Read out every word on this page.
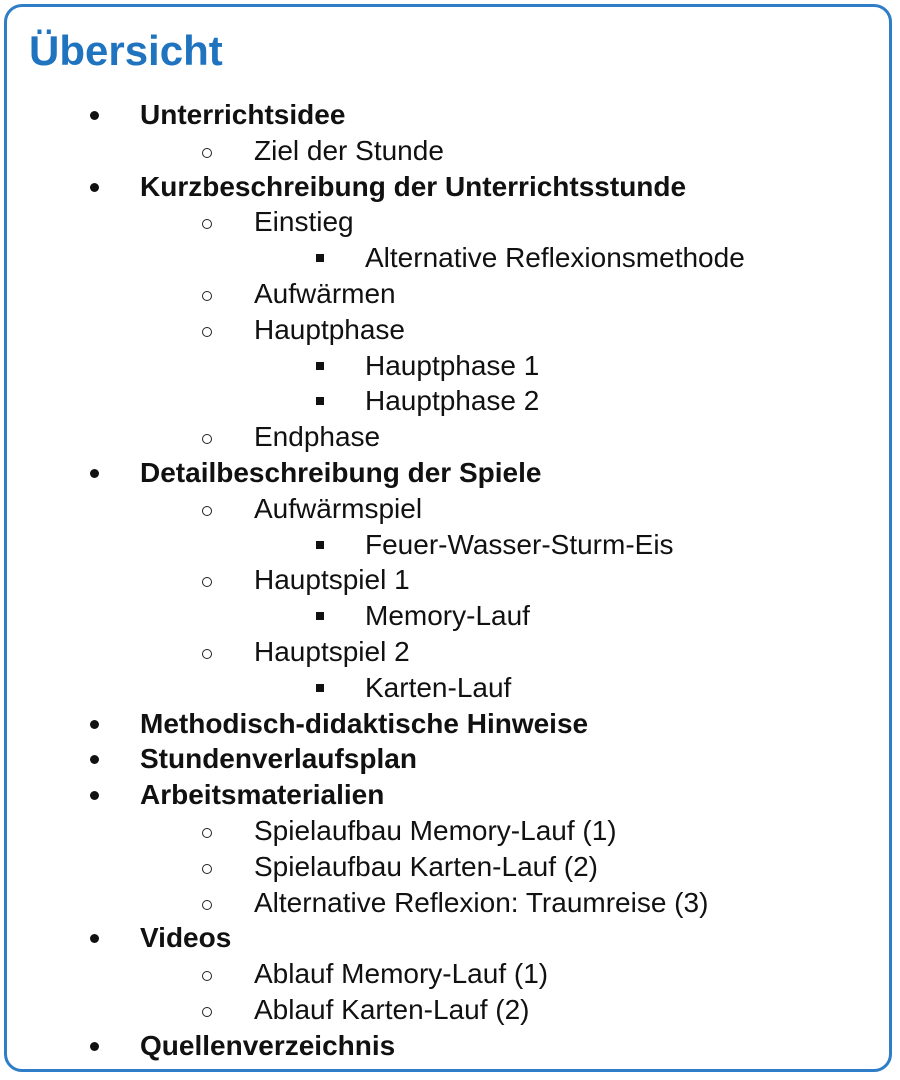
Übersicht
Unterrichtsidee
Ziel der Stunde
Kurzbeschreibung der Unterrichtsstunde
Einstieg
Alternative Reflexionsmethode
Aufwärmen
Hauptphase
Hauptphase 1
Hauptphase 2
Endphase
Detailbeschreibung der Spiele
Aufwärmspiel
Feuer-Wasser-Sturm-Eis
Hauptspiel 1
Memory-Lauf
Hauptspiel 2
Karten-Lauf
Methodisch-didaktische Hinweise
Stundenverlaufsplan
Arbeitsmaterialien
Spielaufbau Memory-Lauf (1)
Spielaufbau Karten-Lauf (2)
Alternative Reflexion: Traumreise (3)
Videos
Ablauf Memory-Lauf (1)
Ablauf Karten-Lauf (2)
Quellenverzeichnis
